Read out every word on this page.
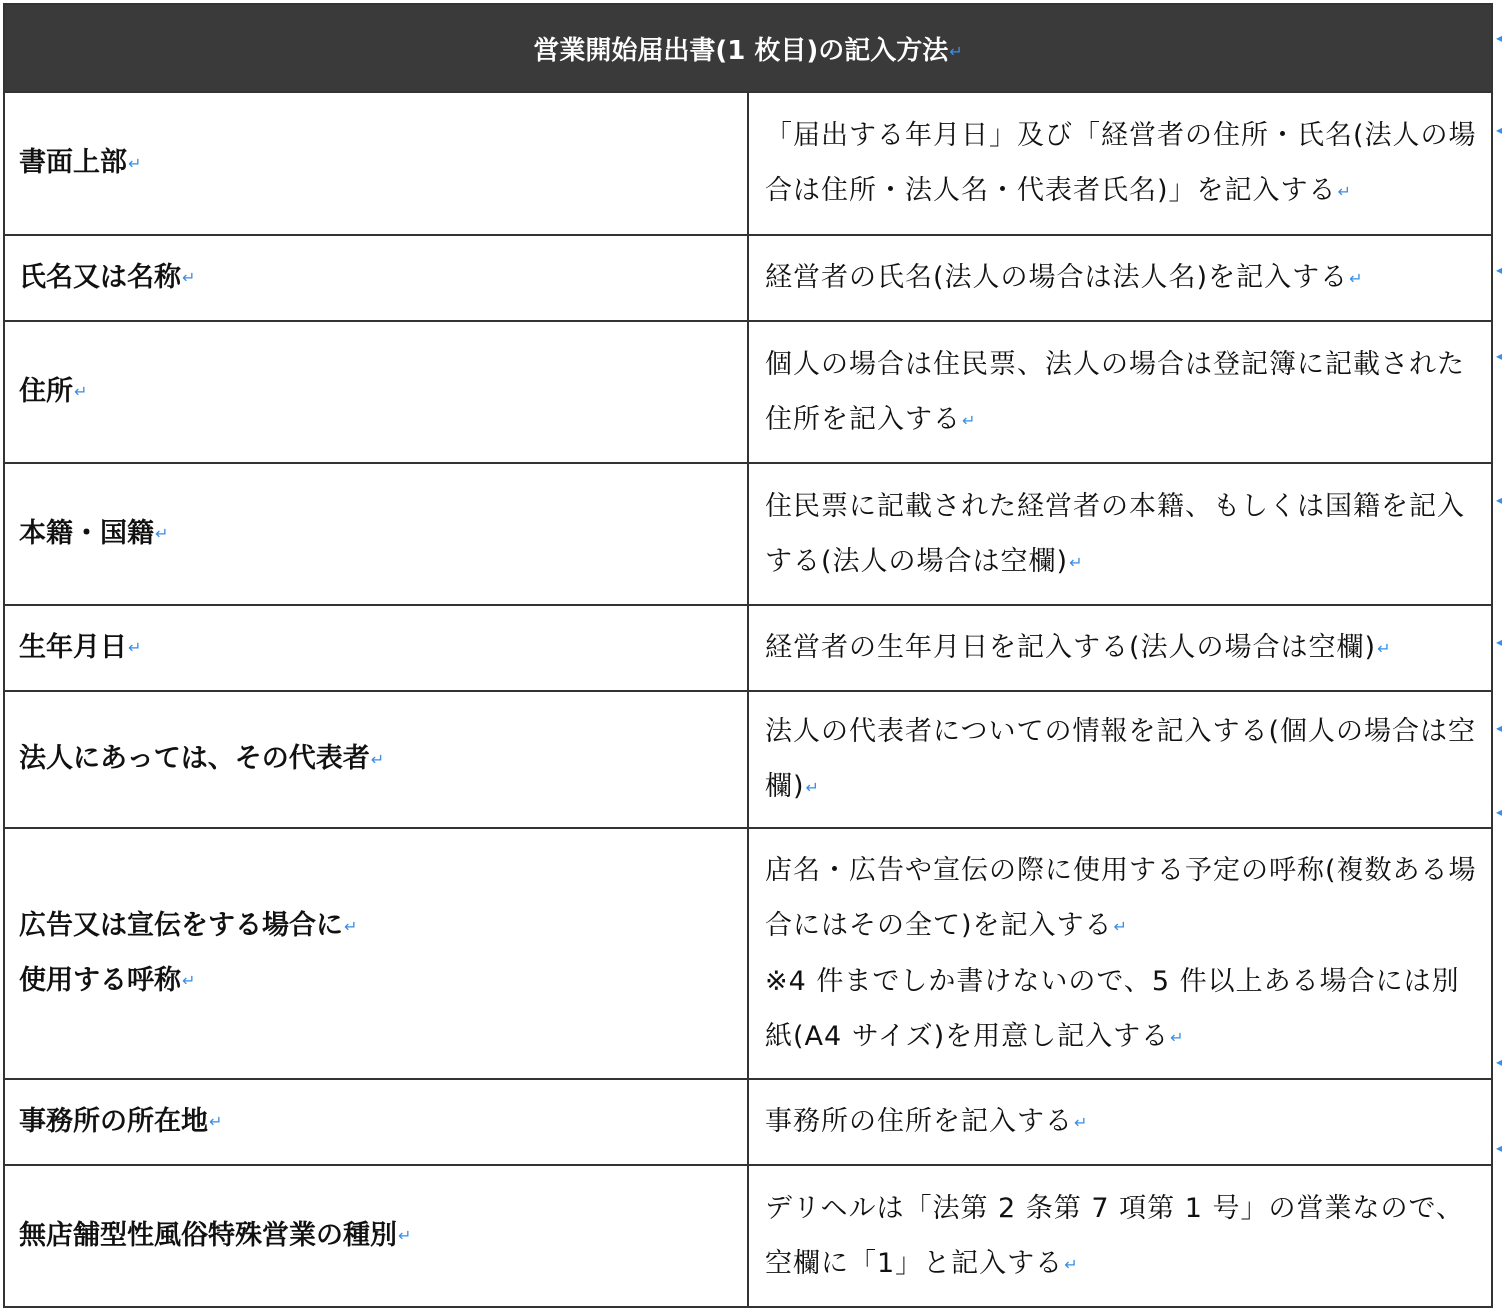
営業開始届出書(1 枚目)の記入方法↵	

書面上部↵	「届出する年月日」及び「経営者の住所・氏名(法人の場合は住所・法人名・代表者氏名)」を記入する↵

氏名又は名称↵	経営者の氏名(法人の場合は法人名)を記入する↵

住所↵	個人の場合は住民票、法人の場合は登記簿に記載された住所を記入する↵

本籍・国籍↵	住民票に記載された経営者の本籍、もしくは国籍を記入する(法人の場合は空欄)↵

生年月日↵	経営者の生年月日を記入する(法人の場合は空欄)↵

法人にあっては、その代表者↵	法人の代表者についての情報を記入する(個人の場合は空欄)↵

広告又は宣伝をする場合に↵
使用する呼称↵	店名・広告や宣伝の際に使用する予定の呼称(複数ある場合にはその全て)を記入する↵
※4 件までしか書けないので、5 件以上ある場合には別紙(A4 サイズ)を用意し記入する↵

事務所の所在地↵	事務所の住所を記入する↵

無店舗型性風俗特殊営業の種別↵	デリヘルは「法第 2 条第 7 項第 1 号」の営業なので、空欄に「1」と記入する↵
◂
◂
◂
◂
◂
◂
◂
◂
◂
◂
